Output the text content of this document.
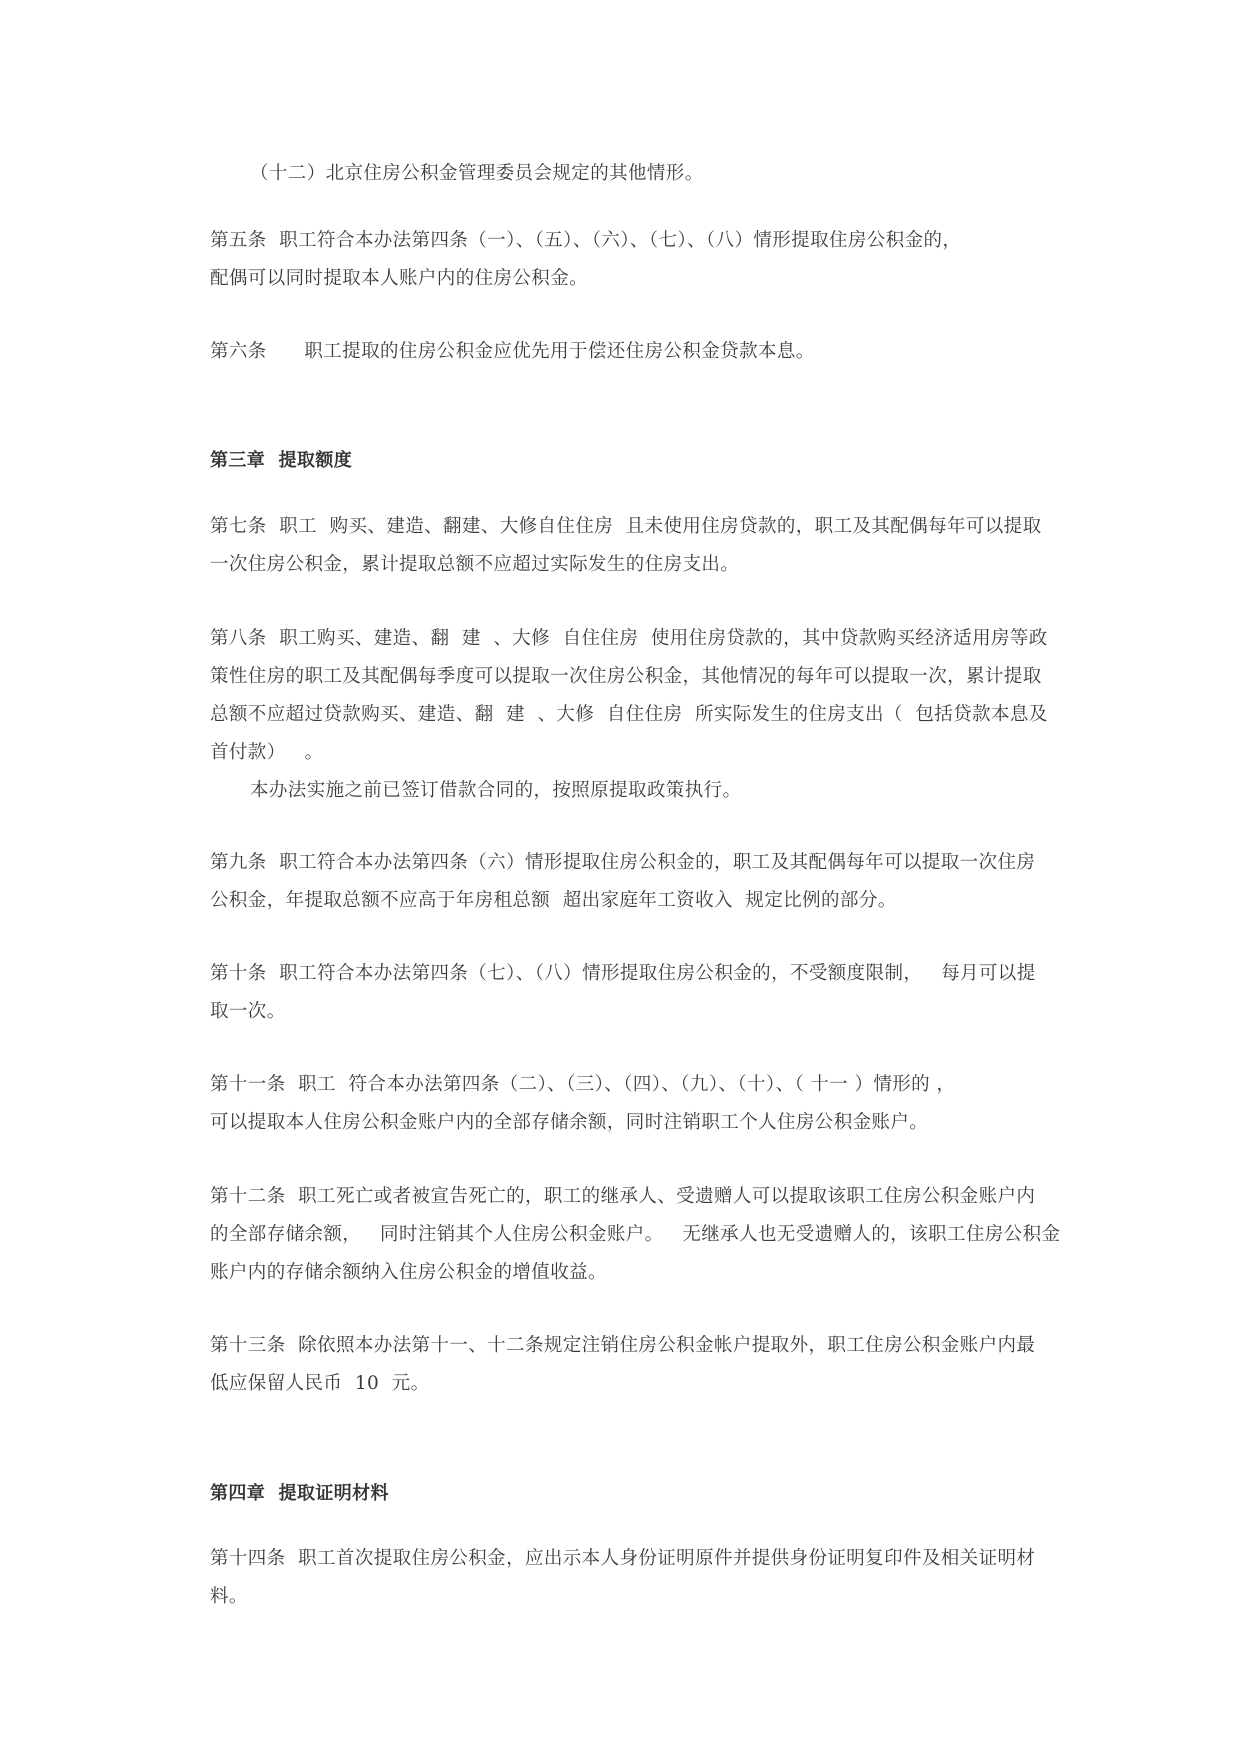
（十二）北京住房公积金管理委员会规定的其他情形。
第五条  职工符合本办法第四条（一）、（五）、（六）、（七）、（八）情形提取住房公积金的，
配偶可以同时提取本人账户内的住房公积金。
第六条      职工提取的住房公积金应优先用于偿还住房公积金贷款本息。
第三章  提取额度
第七条  职工  购买、建造、翻建、大修自住住房  且未使用住房贷款的，职工及其配偶每年可以提取
一次住房公积金，累计提取总额不应超过实际发生的住房支出。
第八条  职工购买、建造、翻  建  、大修  自住住房  使用住房贷款的，其中贷款购买经济适用房等政
策性住房的职工及其配偶每季度可以提取一次住房公积金，其他情况的每年可以提取一次，累计提取
总额不应超过贷款购买、建造、翻  建  、大修  自住住房  所实际发生的住房支出（  包括贷款本息及
首付款）   。
本办法实施之前已签订借款合同的，按照原提取政策执行。
第九条  职工符合本办法第四条（六）情形提取住房公积金的，职工及其配偶每年可以提取一次住房
公积金，年提取总额不应高于年房租总额  超出家庭年工资收入  规定比例的部分。
第十条  职工符合本办法第四条（七）、（八）情形提取住房公积金的，不受额度限制，   每月可以提
取一次。
第十一条  职工  符合本办法第四条（二）、（三）、（四）、（九）、（十）、（ 十一 ）情形的 ，
可以提取本人住房公积金账户内的全部存储余额，同时注销职工个人住房公积金账户。
第十二条  职工死亡或者被宣告死亡的，职工的继承人、受遗赠人可以提取该职工住房公积金账户内
的全部存储余额，   同时注销其个人住房公积金账户。   无继承人也无受遗赠人的，该职工住房公积金
账户内的存储余额纳入住房公积金的增值收益。
第十三条  除依照本办法第十一、十二条规定注销住房公积金帐户提取外，职工住房公积金账户内最
低应保留人民币  10  元。
第四章  提取证明材料
第十四条  职工首次提取住房公积金，应出示本人身份证明原件并提供身份证明复印件及相关证明材
料。
